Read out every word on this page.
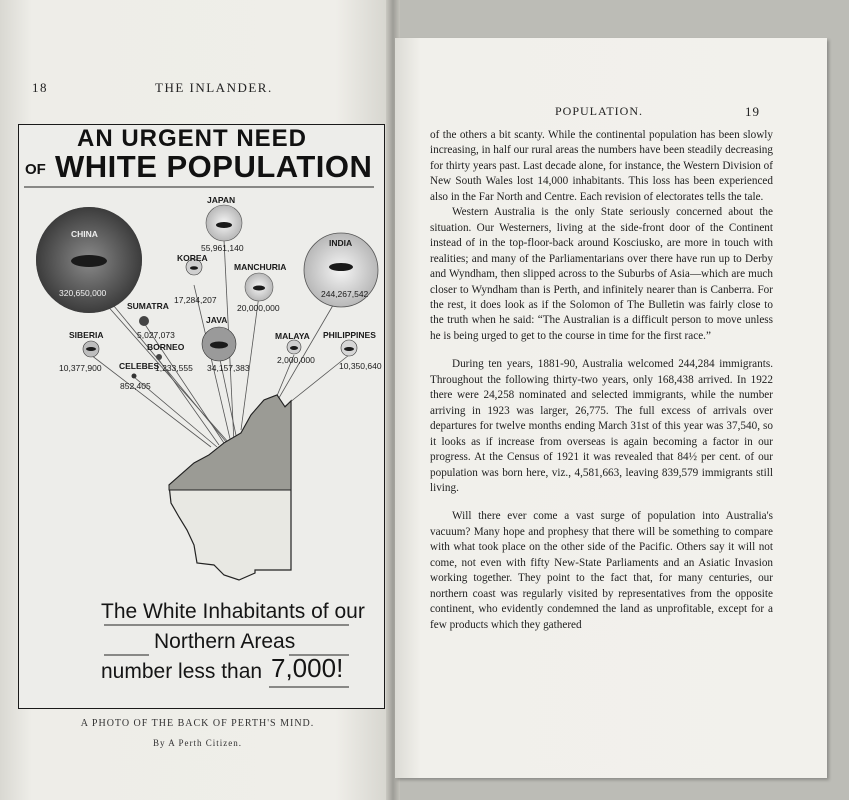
18	THE INLANDER.
POPULATION.	19
AN URGENT NEED
OF WHITE POPULATION
CHINA
320,650,000
JAPAN
55,961,140	INDIA
244,267,542
KOREA
17,284,207
MANCHURIA
20,000,000
SUMATRA
5,027,073
BORNEO
1,233,555
JAVA
34,157,383
MALAYA
2,000,000
PHILIPPINES
10,350,640
SIBERIA
10,377,900 CELEBES
852,405
The White Inhabitants of our
Northern Areas
number less than 7,000!
A PHOTO OF THE BACK OF PERTH'S MIND.
By A Perth Citizen.

of the others a bit scanty. While the continental population has been slowly increasing, in half our rural areas the numbers have been steadily decreasing for thirty years past. Last decade alone, for instance, the Western Division of New South Wales lost 14,000 inhabitants. This loss has been experienced also in the Far North and Centre. Each revision of electorates tells the tale.

Western Australia is the only State seriously concerned about the situation. Our Westerners, living at the side-front door of the Continent instead of in the top-floor-back around Kosciusko, are more in touch with realities; and many of the Parliamentarians over there have run up to Derby and Wyndham, then slipped across to the Suburbs of Asia—which are much closer to Wyndham than is Perth, and infinitely nearer than is Canberra. For the rest, it does look as if the Solomon of The Bulletin was fairly close to the truth when he said: “The Australian is a difficult person to move unless he is being urged to get to the course in time for the first race.”

During ten years, 1881-90, Australia welcomed 244,284 immigrants. Throughout the following thirty-two years, only 168,438 arrived. In 1922 there were 24,258 nominated and selected immigrants, while the number arriving in 1923 was larger, 26,775. The full excess of arrivals over departures for twelve months ending March 31st of this year was 37,540, so it looks as if increase from overseas is again becoming a factor in our progress. At the Census of 1921 it was revealed that 84½ per cent. of our population was born here, viz., 4,581,663, leaving 839,579 immigrants still living.

Will there ever come a vast surge of population into Australia's vacuum? Many hope and prophesy that there will be something to compare with what took place on the other side of the Pacific. Others say it will not come, not even with fifty New-State Parliaments and an Asiatic Invasion working together. They point to the fact that, for many centuries, our northern coast was regularly visited by representatives from the opposite continent, who evidently condemned the land as unprofitable, except for a few products which they gathered
